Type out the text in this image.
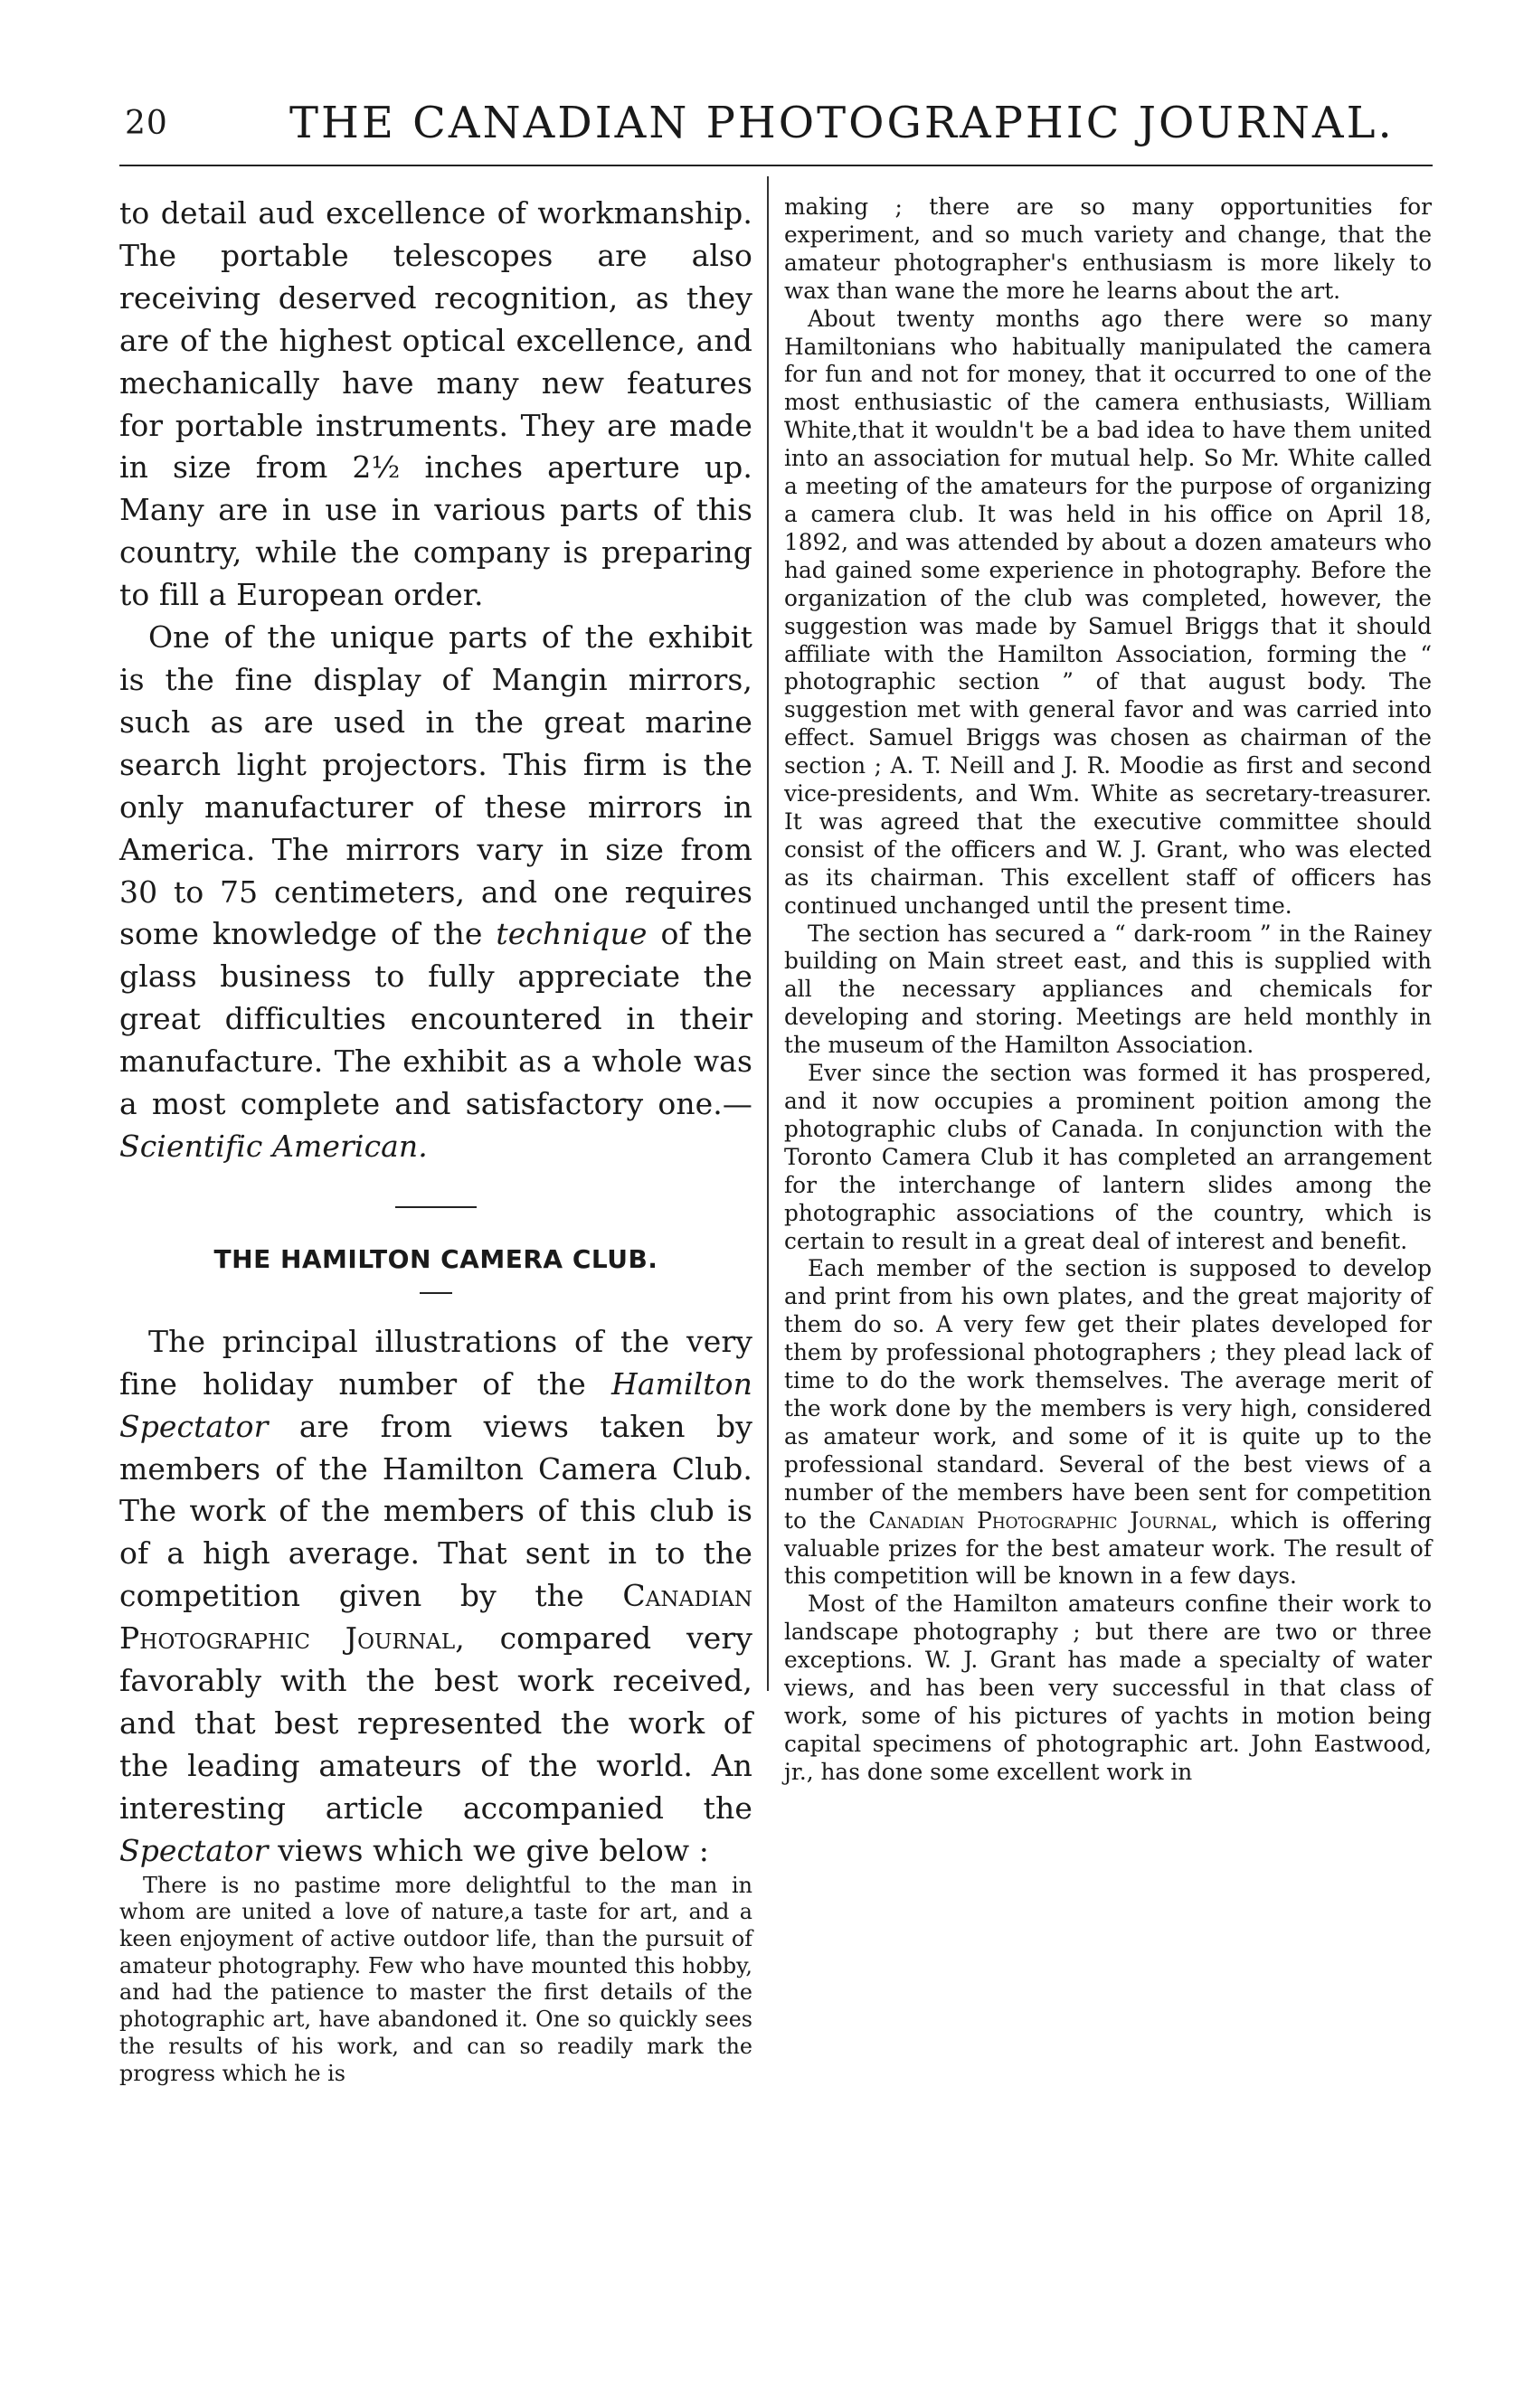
20	THE CANADIAN PHOTOGRAPHIC JOURNAL.

to detail aud excellence of workmanship. The portable telescopes are also receiving deserved recognition, as they are of the highest optical excellence, and mechanically have many new features for portable instruments. They are made in size from 2½ inches aperture up. Many are in use in various parts of this country, while the company is preparing to fill a European order.

One of the unique parts of the exhibit is the fine display of Mangin mirrors, such as are used in the great marine search light projectors. This firm is the only manufacturer of these mirrors in America. The mirrors vary in size from 30 to 75 centimeters, and one requires some knowledge of the technique of the glass business to fully appreciate the great difficulties encountered in their manufacture. The exhibit as a whole was a most complete and satisfactory one.—Scientific American.

THE HAMILTON CAMERA CLUB.

The principal illustrations of the very fine holiday number of the Hamilton Spectator are from views taken by members of the Hamilton Camera Club. The work of the members of this club is of a high average. That sent in to the competition given by the Canadian Photographic Journal, compared very favorably with the best work received, and that best represented the work of the leading amateurs of the world. An interesting article accompanied the Spectator views which we give below :

There is no pastime more delightful to the man in whom are united a love of nature,a taste for art, and a keen enjoyment of active outdoor life, than the pursuit of amateur photography. Few who have mounted this hobby, and had the patience to master the first details of the photographic art, have abandoned it. One so quickly sees the results of his work, and can so readily mark the progress which he is

making ; there are so many opportunities for experiment, and so much variety and change, that the amateur photographer's enthusiasm is more likely to wax than wane the more he learns about the art.

About twenty months ago there were so many Hamiltonians who habitually manipulated the camera for fun and not for money, that it occurred to one of the most enthusiastic of the camera enthusiasts, William White,that it wouldn't be a bad idea to have them united into an association for mutual help. So Mr. White called a meeting of the amateurs for the purpose of organizing a camera club. It was held in his office on April 18, 1892, and was attended by about a dozen amateurs who had gained some experience in photography. Before the organization of the club was completed, however, the suggestion was made by Samuel Briggs that it should affiliate with the Hamilton Association, forming the “ photographic section ” of that august body. The suggestion met with general favor and was carried into effect. Samuel Briggs was chosen as chairman of the section ; A. T. Neill and J. R. Moodie as first and second vice-presidents, and Wm. White as secretary-treasurer. It was agreed that the executive committee should consist of the officers and W. J. Grant, who was elected as its chairman. This excellent staff of officers has continued unchanged until the present time.

The section has secured a “ dark-room ” in the Rainey building on Main street east, and this is supplied with all the necessary appliances and chemicals for developing and storing. Meetings are held monthly in the museum of the Hamilton Association.

Ever since the section was formed it has prospered, and it now occupies a prominent poition among the photographic clubs of Canada. In conjunction with the Toronto Camera Club it has completed an arrangement for the interchange of lantern slides among the photographic associations of the country, which is certain to result in a great deal of interest and benefit.

Each member of the section is supposed to develop and print from his own plates, and the great majority of them do so. A very few get their plates developed for them by professional photographers ; they plead lack of time to do the work themselves. The average merit of the work done by the members is very high, considered as amateur work, and some of it is quite up to the professional standard. Several of the best views of a number of the members have been sent for competition to the Canadian Photographic Journal, which is offering valuable prizes for the best amateur work. The result of this competition will be known in a few days.

Most of the Hamilton amateurs confine their work to landscape photography ; but there are two or three exceptions. W. J. Grant has made a specialty of water views, and has been very successful in that class of work, some of his pictures of yachts in motion being capital specimens of photographic art. John Eastwood, jr., has done some excellent work in
